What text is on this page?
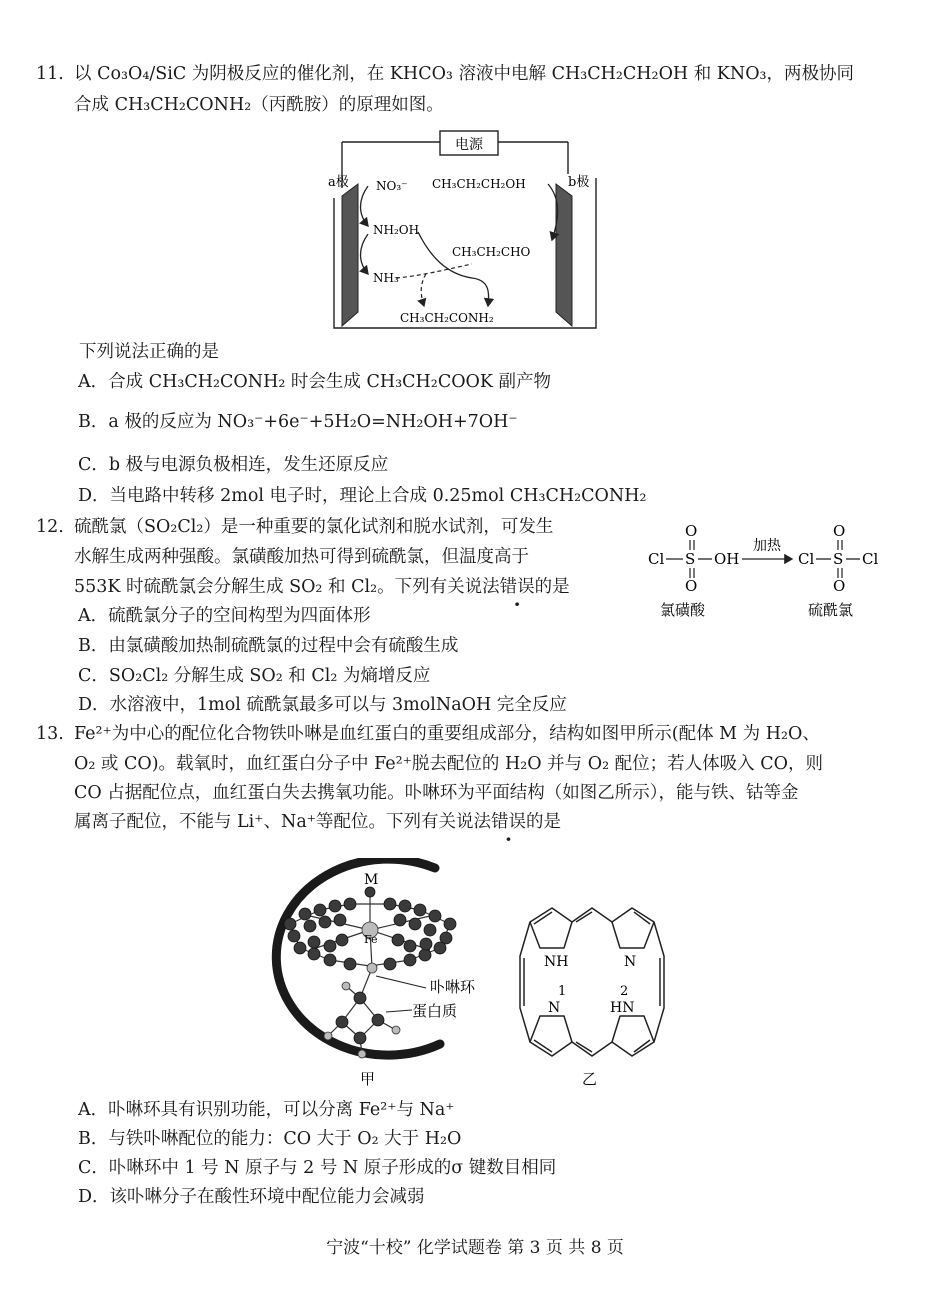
11. 以 Co₃O₄/SiC 为阴极反应的催化剂，在 KHCO₃ 溶液中电解 CH₃CH₂CH₂OH 和 KNO₃，两极协同
合成 CH₃CH₂CONH₂（丙酰胺）的原理如图。
电源
a极	b极
NO₃⁻
NH₂OH
NH₃
CH₃CH₂CH₂OH
CH₃CH₂CHO
CH₃CH₂CONH₂
下列说法正确的是
A．合成 CH₃CH₂CONH₂ 时会生成 CH₃CH₂COOK 副产物
B．a 极的反应为 NO₃⁻+6e⁻+5H₂O=NH₂OH+7OH⁻
C．b 极与电源负极相连，发生还原反应
D．当电路中转移 2mol 电子时，理论上合成 0.25mol CH₃CH₂CONH₂
12. 硫酰氯（SO₂Cl₂）是一种重要的氯化试剂和脱水试剂，可发生
水解生成两种强酸。氯磺酸加热可得到硫酰氯，但温度高于
553K 时硫酰氯会分解生成 SO₂ 和 Cl₂。下列有关说法错误的是
Cl S
O
O
OH
加热
Cl S
O
O
Cl
氯磺酸	硫酰氯
A．硫酰氯分子的空间构型为四面体形
B．由氯磺酸加热制硫酰氯的过程中会有硫酸生成
C．SO₂Cl₂ 分解生成 SO₂ 和 Cl₂ 为熵增反应
D．水溶液中，1mol 硫酰氯最多可以与 3molNaOH 完全反应
13. Fe²⁺为中心的配位化合物铁卟啉是血红蛋白的重要组成部分，结构如图甲所示(配体 M 为 H₂O、
O₂ 或 CO)。载氧时，血红蛋白分子中 Fe²⁺脱去配位的 H₂O 并与 O₂ 配位；若人体吸入 CO，则
CO 占据配位点，血红蛋白失去携氧功能。卟啉环为平面结构（如图乙所示），能与铁、钴等金
属离子配位，不能与 Li⁺、Na⁺等配位。下列有关说法错误的是
M
Fe
卟啉环
蛋白质
甲
NH	N
1	2
N	HN
乙
A．卟啉环具有识别功能，可以分离 Fe²⁺与 Na⁺
B．与铁卟啉配位的能力：CO 大于 O₂ 大于 H₂O
C．卟啉环中 1 号 N 原子与 2 号 N 原子形成的σ 键数目相同
D．该卟啉分子在酸性环境中配位能力会减弱
宁波“十校” 化学试题卷 第 3 页 共 8 页
